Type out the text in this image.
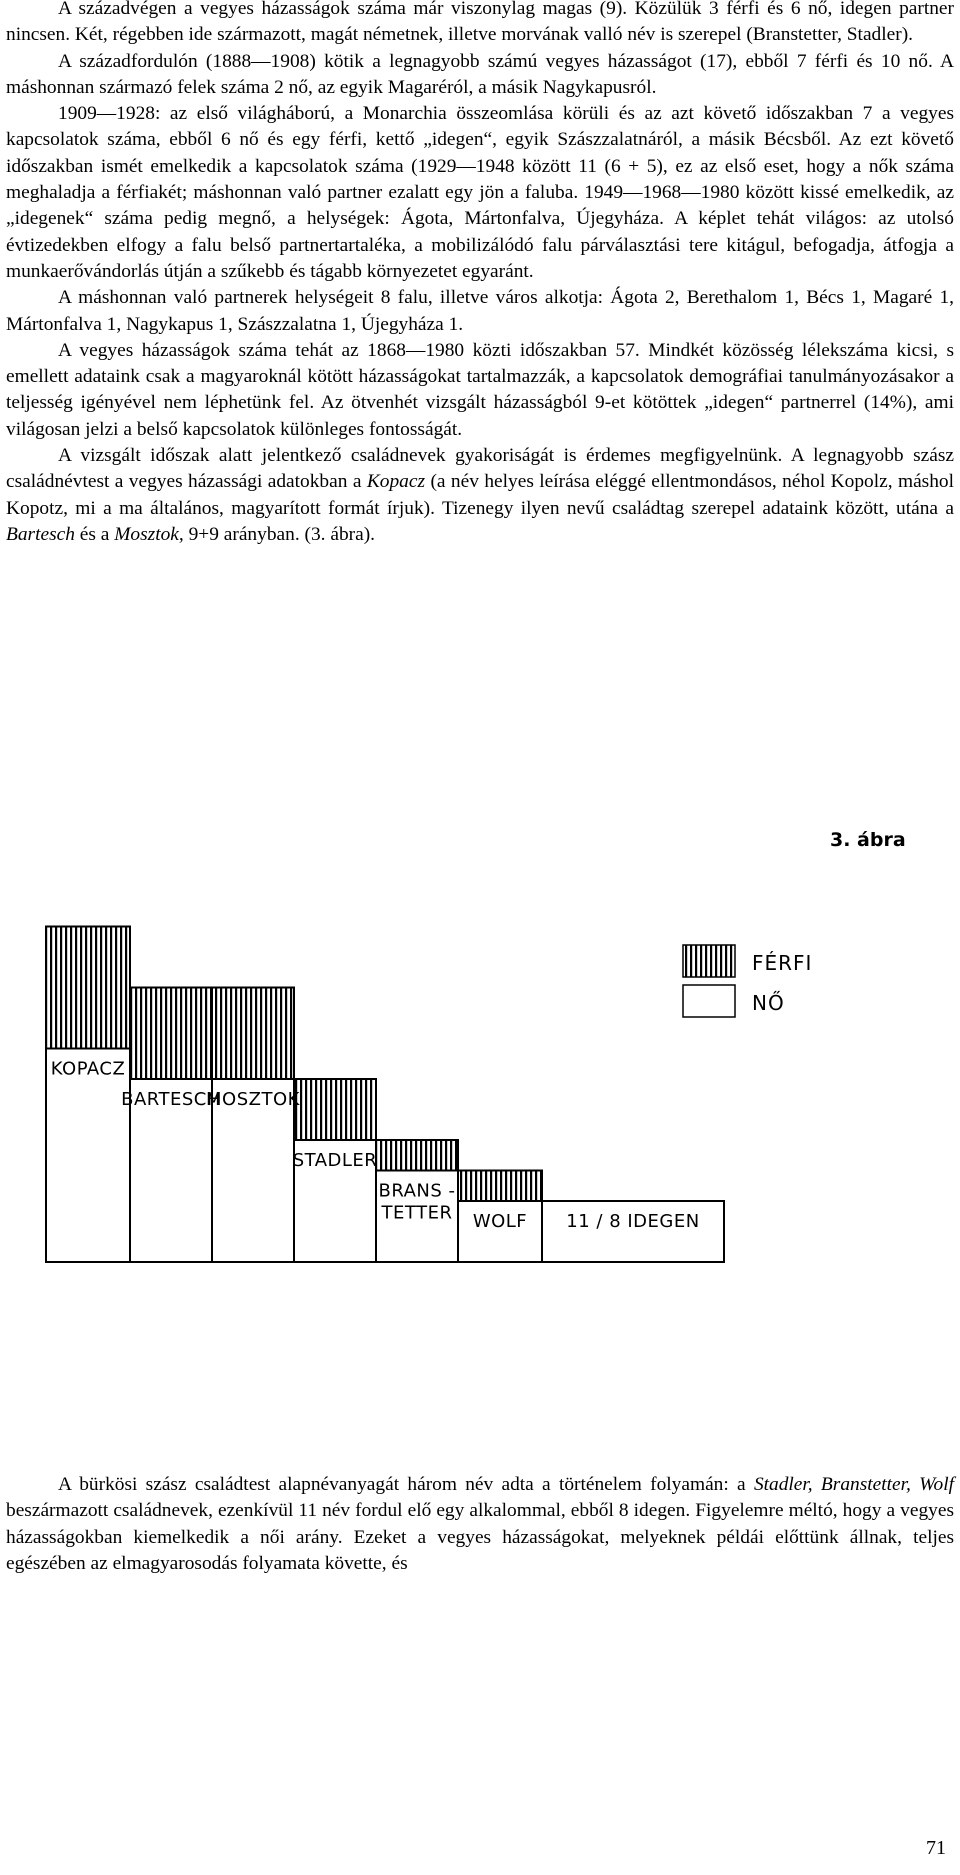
A századvégen a vegyes házasságok száma már viszonylag magas (9). Közülük 3 férfi és 6 nő, idegen partner nincsen. Két, régebben ide származott, magát németnek, illetve morvának valló név is szerepel (Branstetter, Stadler).

A századfordulón (1888—1908) kötik a legnagyobb számú vegyes házasságot (17), ebből 7 férfi és 10 nő. A máshonnan származó felek száma 2 nő, az egyik Magaréról, a másik Nagykapusról.

1909—1928: az első világháború, a Monarchia összeomlása körüli és az azt követő időszakban 7 a vegyes kapcsolatok száma, ebből 6 nő és egy férfi, kettő „idegen“, egyik Szászzalatnáról, a másik Bécsből. Az ezt követő időszakban ismét emelkedik a kapcsolatok száma (1929—1948 között 11 (6 + 5), ez az első eset, hogy a nők száma meghaladja a férfiakét; máshonnan való partner ezalatt egy jön a faluba. 1949—1968—1980 között kissé emelkedik, az „idegenek“ száma pedig megnő, a helységek: Ágota, Mártonfalva, Újegyháza. A képlet tehát világos: az utolsó évtizedekben elfogy a falu belső partnertartaléka, a mobilizálódó falu párválasztási tere kitágul, befogadja, átfogja a munkaerővándorlás útján a szűkebb és tágabb környezetet egyaránt.

A máshonnan való partnerek helységeit 8 falu, illetve város alkotja: Ágota 2, Berethalom 1, Bécs 1, Magaré 1, Mártonfalva 1, Nagykapus 1, Szászzalatna 1, Újegyháza 1.

A vegyes házasságok száma tehát az 1868—1980 közti időszakban 57. Mindkét közösség lélekszáma kicsi, s emellett adataink csak a magyaroknál kötött házasságokat tartalmazzák, a kapcsolatok demográfiai tanulmányozásakor a teljesség igényével nem léphetünk fel. Az ötvenhét vizsgált házasságból 9-et kötöttek „idegen“ partnerrel (14%), ami világosan jelzi a belső kapcsolatok különleges fontosságát.

A vizsgált időszak alatt jelentkező családnevek gyakoriságát is érdemes megfigyelnünk. A legnagyobb szász családnévtest a vegyes házassági adatokban a Kopacz (a név helyes leírása eléggé ellentmondásos, néhol Kopolz, máshol Kopotz, mi a ma általános, magyarított formát írjuk). Tizenegy ilyen nevű családtag szerepel adataink között, utána a Bartesch és a Mosztok, 9+9 arányban. (3. ábra).

3. ábra
KOPACZ
BARTESCH
MOSZTOK
STADLER
BRANS -TETTER WOLF 11 / 8 IDEGEN
FÉRFI
NŐ

A bürkösi szász családtest alapnévanyagát három név adta a történelem folyamán: a Stadler, Branstetter, Wolf beszármazott családnevek, ezenkívül 11 név fordul elő egy alkalommal, ebből 8 idegen. Figyelemre méltó, hogy a vegyes házasságokban kiemelkedik a női arány. Ezeket a vegyes házasságokat, melyeknek példái előttünk állnak, teljes egészében az elmagyarosodás folyamata követte, és

71
